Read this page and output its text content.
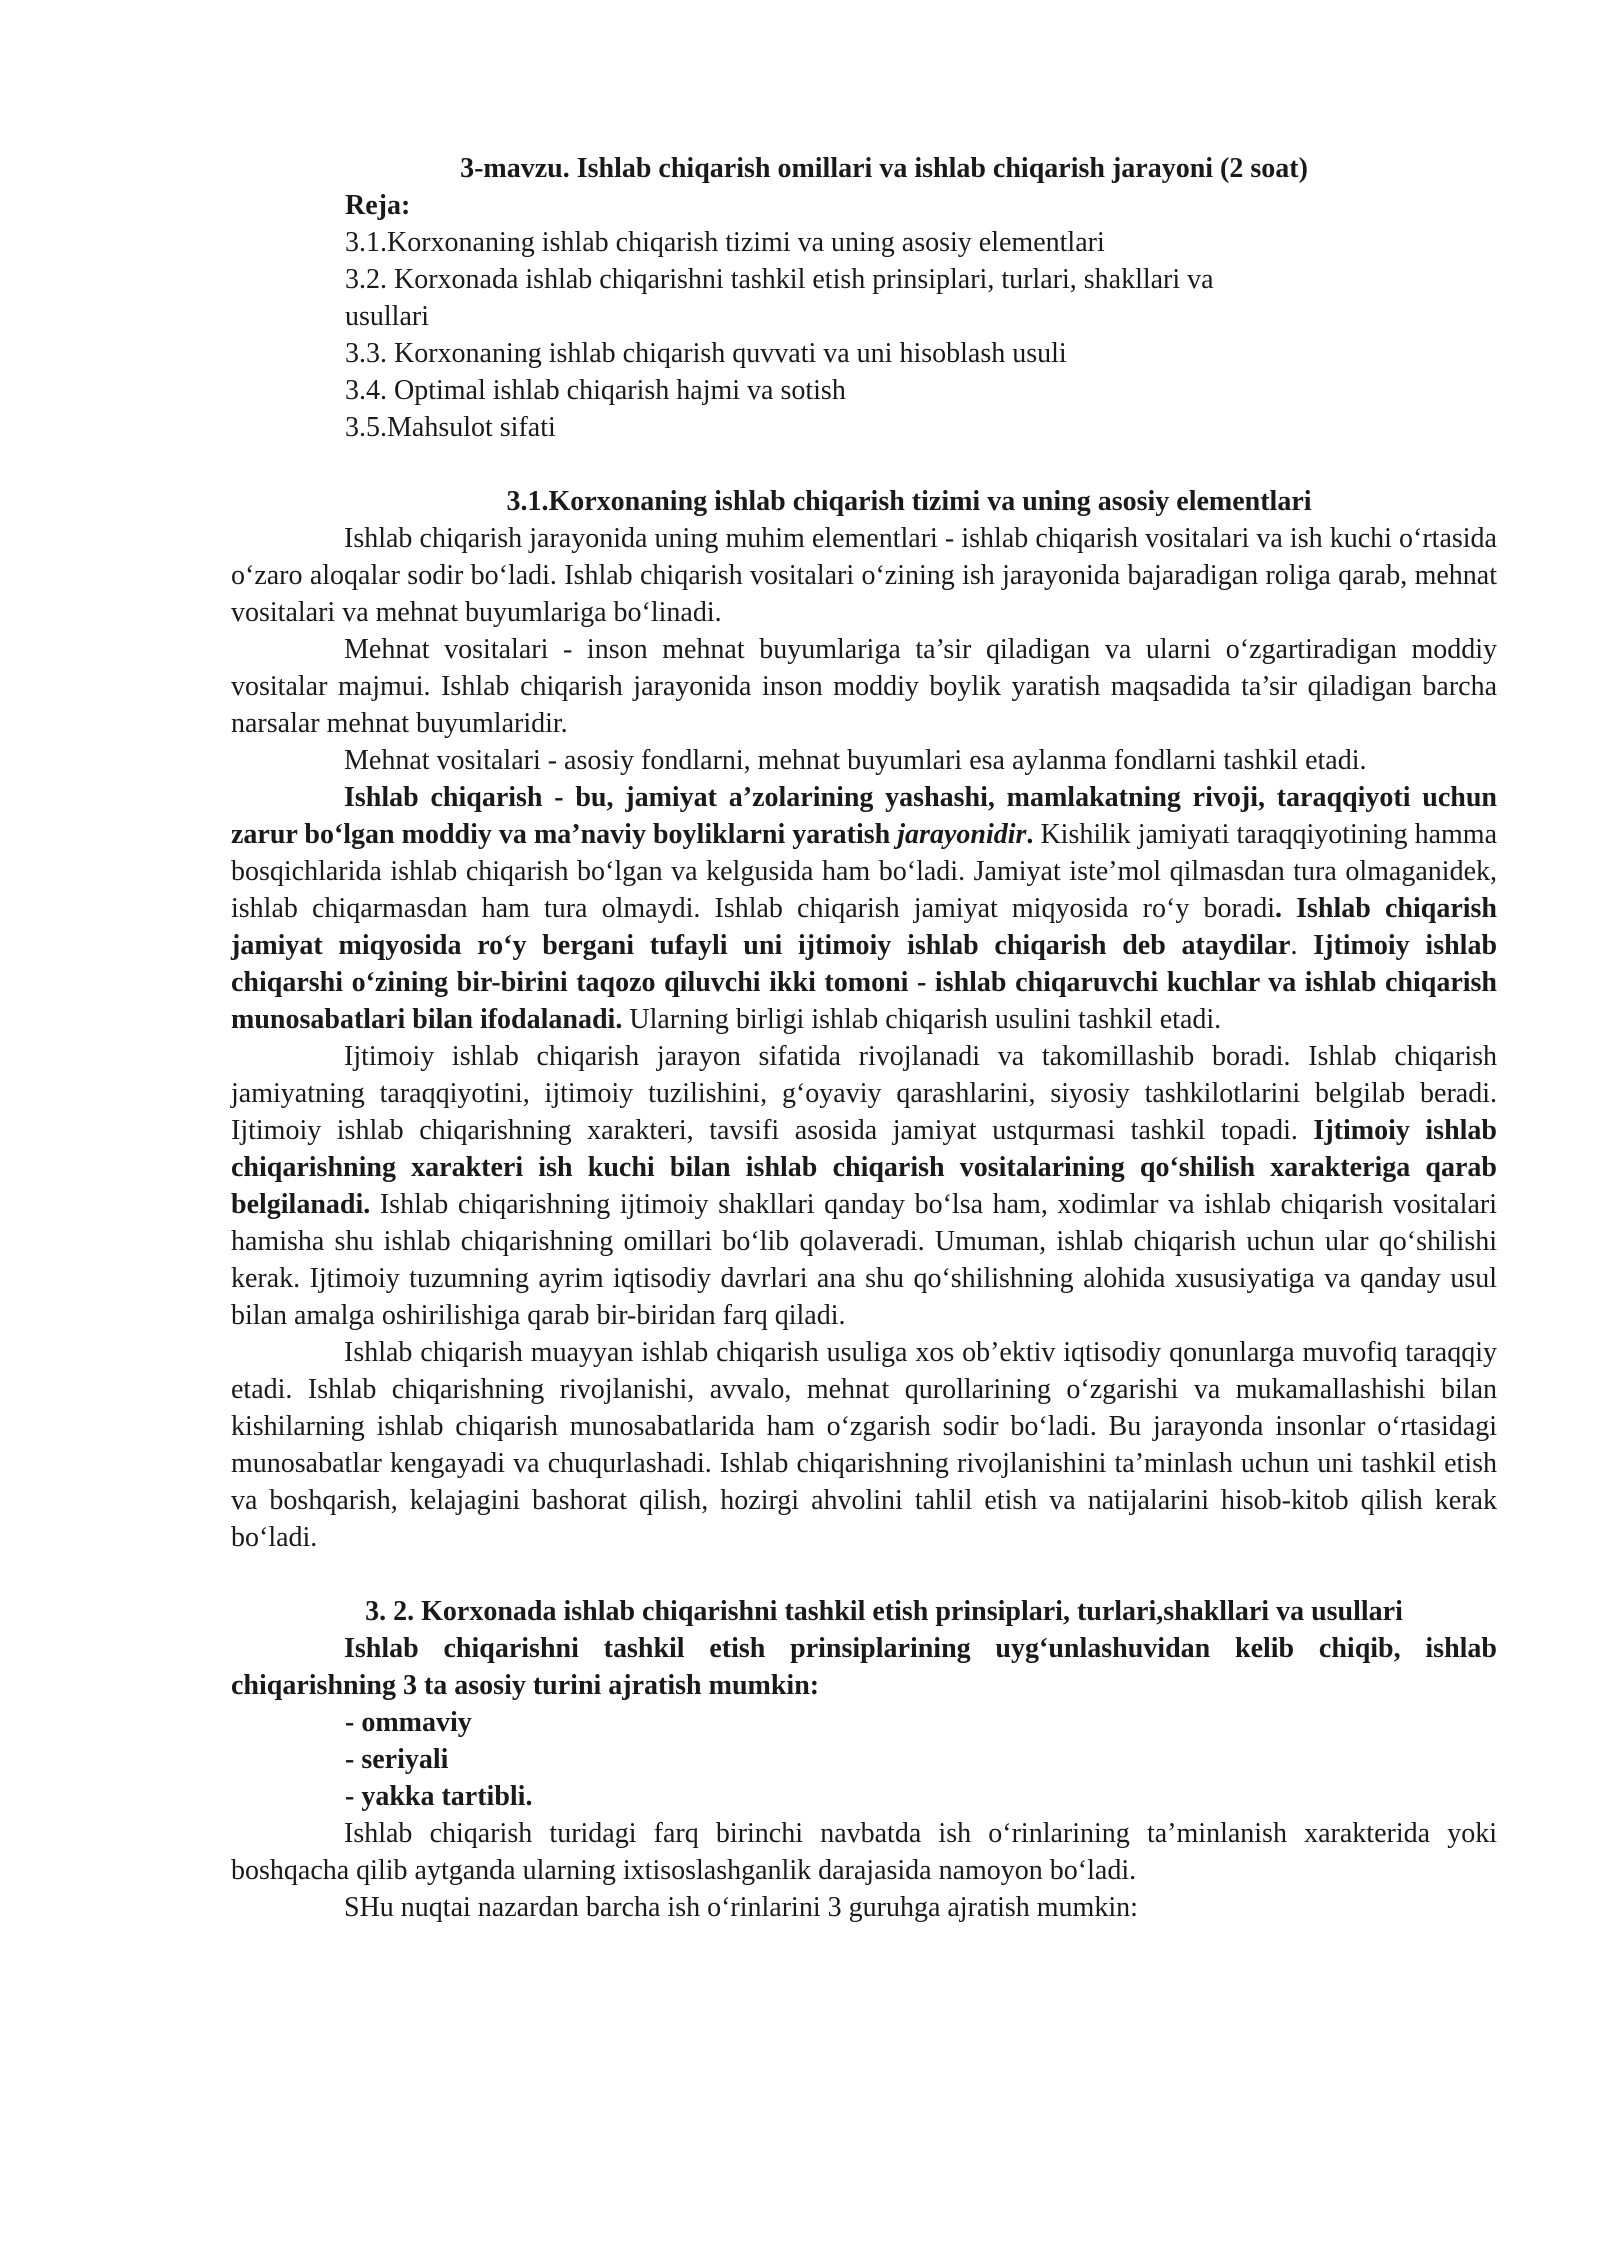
3-mavzu. Ishlab chiqarish omillari va ishlab chiqarish jarayoni (2 soat)

Reja:

3.1.Korxonaning ishlab chiqarish tizimi va uning asosiy elementlari

3.2. Korxonada ishlab chiqarishni tashkil etish prinsiplari, turlari, shakllari va usullari

3.3. Korxonaning ishlab chiqarish quvvati va uni hisoblash usuli

3.4. Optimal ishlab chiqarish hajmi va sotish

3.5.Mahsulot sifati

3.1.Korxonaning ishlab chiqarish tizimi va uning asosiy elementlari

Ishlab chiqarish jarayonida uning muhim elementlari - ishlab chiqarish vositalari va ish kuchi o‘rtasida o‘zaro aloqalar sodir bo‘ladi. Ishlab chiqarish vositalari o‘zining ish jarayonida bajaradigan roliga qarab, mehnat vositalari va mehnat buyumlariga bo‘linadi.

Mehnat vositalari - inson mehnat buyumlariga ta’sir qiladigan va ularni o‘zgartiradigan moddiy vositalar majmui. Ishlab chiqarish jarayonida inson moddiy boylik yaratish maqsadida ta’sir qiladigan barcha narsalar mehnat buyumlaridir.

Mehnat vositalari - asosiy fondlarni, mehnat buyumlari esa aylanma fondlarni tashkil etadi.

Ishlab chiqarish - bu, jamiyat a’zolarining yashashi, mamlakatning rivoji, taraqqiyoti uchun zarur bo‘lgan moddiy va ma’naviy boyliklarni yaratish jarayonidir. Kishilik jamiyati taraqqiyotining hamma bosqichlarida ishlab chiqarish bo‘lgan va kelgusida ham bo‘ladi. Jamiyat iste’mol qilmasdan tura olmaganidek, ishlab chiqarmasdan ham tura olmaydi. Ishlab chiqarish jamiyat miqyosida ro‘y boradi. Ishlab chiqarish jamiyat miqyosida ro‘y bergani tufayli uni ijtimoiy ishlab chiqarish deb ataydilar. Ijtimoiy ishlab chiqarshi o‘zining bir-birini taqozo qiluvchi ikki tomoni - ishlab chiqaruvchi kuchlar va ishlab chiqarish munosabatlari bilan ifodalanadi. Ularning birligi ishlab chiqarish usulini tashkil etadi.

Ijtimoiy ishlab chiqarish jarayon sifatida rivojlanadi va takomillashib boradi. Ishlab chiqarish jamiyatning taraqqiyotini, ijtimoiy tuzilishini, g‘oyaviy qarashlarini, siyosiy tashkilotlarini belgilab beradi. Ijtimoiy ishlab chiqarishning xarakteri, tavsifi asosida jamiyat ustqurmasi tashkil topadi. Ijtimoiy ishlab chiqarishning xarakteri ish kuchi bilan ishlab chiqarish vositalarining qo‘shilish xarakteriga qarab belgilanadi. Ishlab chiqarishning ijtimoiy shakllari qanday bo‘lsa ham, xodimlar va ishlab chiqarish vositalari hamisha shu ishlab chiqarishning omillari bo‘lib qolaveradi. Umuman, ishlab chiqarish uchun ular qo‘shilishi kerak. Ijtimoiy tuzumning ayrim iqtisodiy davrlari ana shu qo‘shilishning alohida xususiyatiga va qanday usul bilan amalga oshirilishiga qarab bir-biridan farq qiladi.

Ishlab chiqarish muayyan ishlab chiqarish usuliga xos ob’ektiv iqtisodiy qonunlarga muvofiq taraqqiy etadi. Ishlab chiqarishning rivojlanishi, avvalo, mehnat qurollarining o‘zgarishi va mukamallashishi bilan kishilarning ishlab chiqarish munosabatlarida ham o‘zgarish sodir bo‘ladi. Bu jarayonda insonlar o‘rtasidagi munosabatlar kengayadi va chuqurlashadi. Ishlab chiqarishning rivojlanishini ta’minlash uchun uni tashkil etish va boshqarish, kelajagini bashorat qilish, hozirgi ahvolini tahlil etish va natijalarini hisob-kitob qilish kerak bo‘ladi.

3. 2. Korxonada ishlab chiqarishni tashkil etish prinsiplari, turlari,shakllari va usullari

Ishlab chiqarishni tashkil etish prinsiplarining uyg‘unlashuvidan kelib chiqib, ishlab chiqarishning 3 ta asosiy turini ajratish mumkin:

- ommaviy

- seriyali

- yakka tartibli.

Ishlab chiqarish turidagi farq birinchi navbatda ish o‘rinlarining ta’minlanish xarakterida yoki boshqacha qilib aytganda ularning ixtisoslashganlik darajasida namoyon bo‘ladi.

SHu nuqtai nazardan barcha ish o‘rinlarini 3 guruhga ajratish mumkin:
